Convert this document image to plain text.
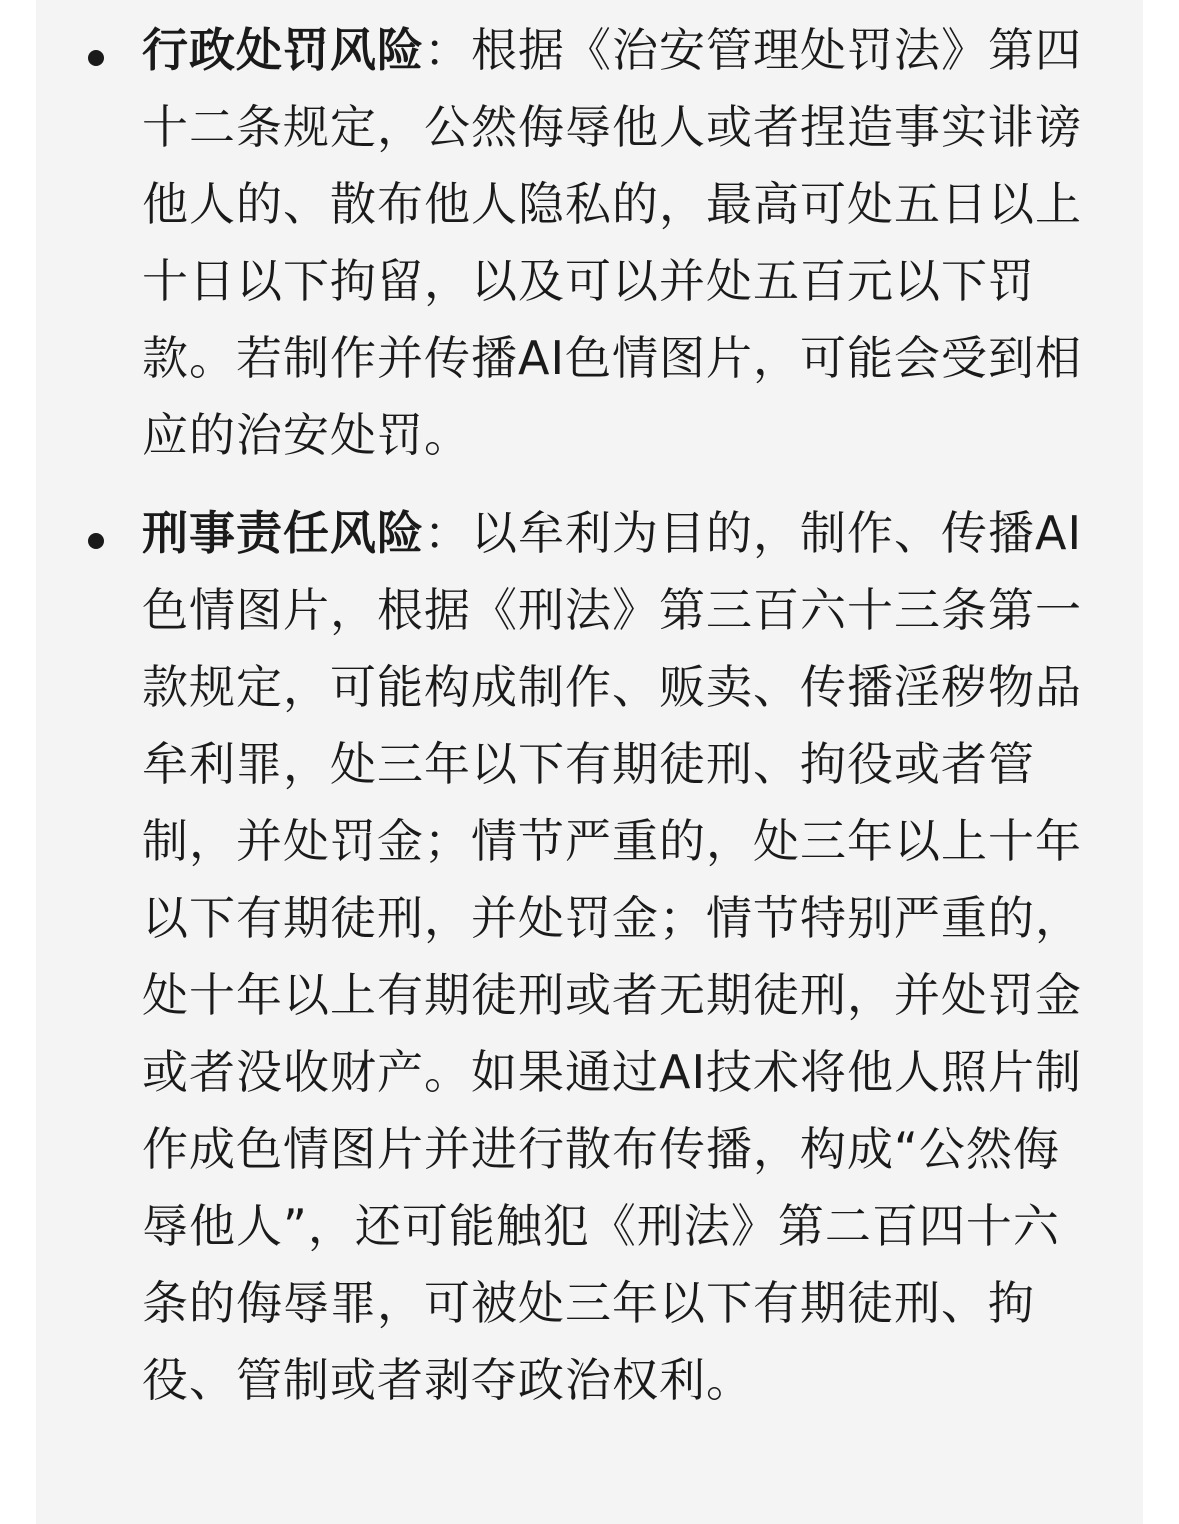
行政处罚风险：根据《治安管理处罚法》第四十二条规定，公然侮辱他人或者捏造事实诽谤他人的、散布他人隐私的，最高可处五日以上十日以下拘留，以及可以并处五百元以下罚款。若制作并传播AI色情图片，可能会受到相应的治安处罚。

刑事责任风险：以牟利为目的，制作、传播AI色情图片，根据《刑法》第三百六十三条第一款规定，可能构成制作、贩卖、传播淫秽物品牟利罪，处三年以下有期徒刑、拘役或者管制，并处罚金；情节严重的，处三年以上十年以下有期徒刑，并处罚金；情节特别严重的，处十年以上有期徒刑或者无期徒刑，并处罚金或者没收财产。如果通过AI技术将他人照片制作成色情图片并进行散布传播，构成“公然侮辱他人”，还可能触犯《刑法》第二百四十六条的侮辱罪，可被处三年以下有期徒刑、拘役、管制或者剥夺政治权利。
